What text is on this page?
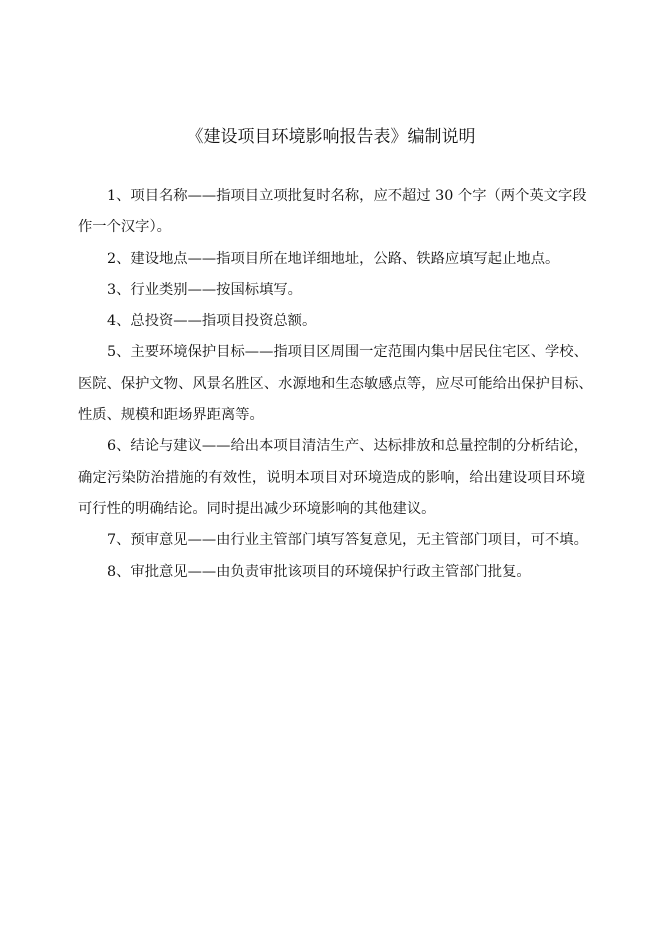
《建设项目环境影响报告表》编制说明
1、项目名称——指项目立项批复时名称，应不超过 30 个字（两个英文字段
作一个汉字）。
2、建设地点——指项目所在地详细地址，公路、铁路应填写起止地点。
3、行业类别——按国标填写。
4、总投资——指项目投资总额。
5、主要环境保护目标——指项目区周围一定范围内集中居民住宅区、学校、
医院、保护文物、风景名胜区、水源地和生态敏感点等，应尽可能给出保护目标、
性质、规模和距场界距离等。
6、结论与建议——给出本项目清洁生产、达标排放和总量控制的分析结论，
确定污染防治措施的有效性，说明本项目对环境造成的影响，给出建设项目环境
可行性的明确结论。同时提出减少环境影响的其他建议。
7、预审意见——由行业主管部门填写答复意见，无主管部门项目，可不填。
8、审批意见——由负责审批该项目的环境保护行政主管部门批复。
